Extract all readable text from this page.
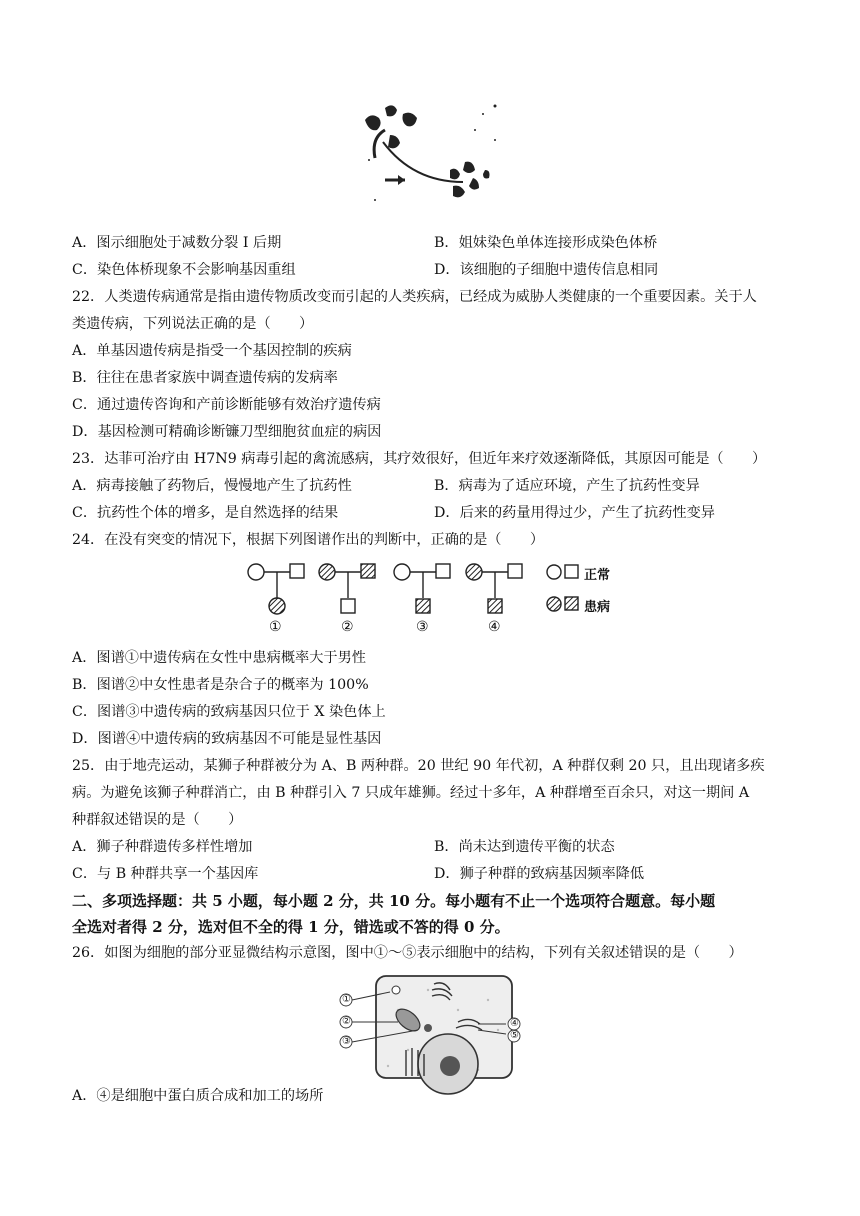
A．图示细胞处于减数分裂 I 后期	B．姐妹染色单体连接形成染色体桥
C．染色体桥现象不会影响基因重组	D．该细胞的子细胞中遗传信息相同
22．人类遗传病通常是指由遗传物质改变而引起的人类疾病，已经成为威胁人类健康的一个重要因素。关于人
类遗传病，下列说法正确的是（　　）
A．单基因遗传病是指受一个基因控制的疾病
B．往往在患者家族中调查遗传病的发病率
C．通过遗传咨询和产前诊断能够有效治疗遗传病
D．基因检测可精确诊断镰刀型细胞贫血症的病因
23．达菲可治疗由 H7N9 病毒引起的禽流感病，其疗效很好，但近年来疗效逐渐降低，其原因可能是（　　）
A．病毒接触了药物后，慢慢地产生了抗药性	B．病毒为了适应环境，产生了抗药性变异
C．抗药性个体的增多，是自然选择的结果	D．后来的药量用得过少，产生了抗药性变异
24．在没有突变的情况下，根据下列图谱作出的判断中，正确的是（　　）
正常
患病
①	②	③	④
A．图谱①中遗传病在女性中患病概率大于男性
B．图谱②中女性患者是杂合子的概率为 100%
C．图谱③中遗传病的致病基因只位于 X 染色体上
D．图谱④中遗传病的致病基因不可能是显性基因
25．由于地壳运动，某狮子种群被分为 A、B 两种群。20 世纪 90 年代初，A 种群仅剩 20 只，且出现诸多疾
病。为避免该狮子种群消亡，由 B 种群引入 7 只成年雄狮。经过十多年，A 种群增至百余只，对这一期间 A
种群叙述错误的是（　　）
A．狮子种群遗传多样性增加	B．尚未达到遗传平衡的状态
C．与 B 种群共享一个基因库	D．狮子种群的致病基因频率降低
二、多项选择题：共 5 小题，每小题 2 分，共 10 分。每小题有不止一个选项符合题意。每小题
全选对者得 2 分，选对但不全的得 1 分，错选或不答的得 0 分。
26．如图为细胞的部分亚显微结构示意图，图中①～⑤表示细胞中的结构，下列有关叙述错误的是（　　）
①
②
③
④
⑤
A．④是细胞中蛋白质合成和加工的场所
